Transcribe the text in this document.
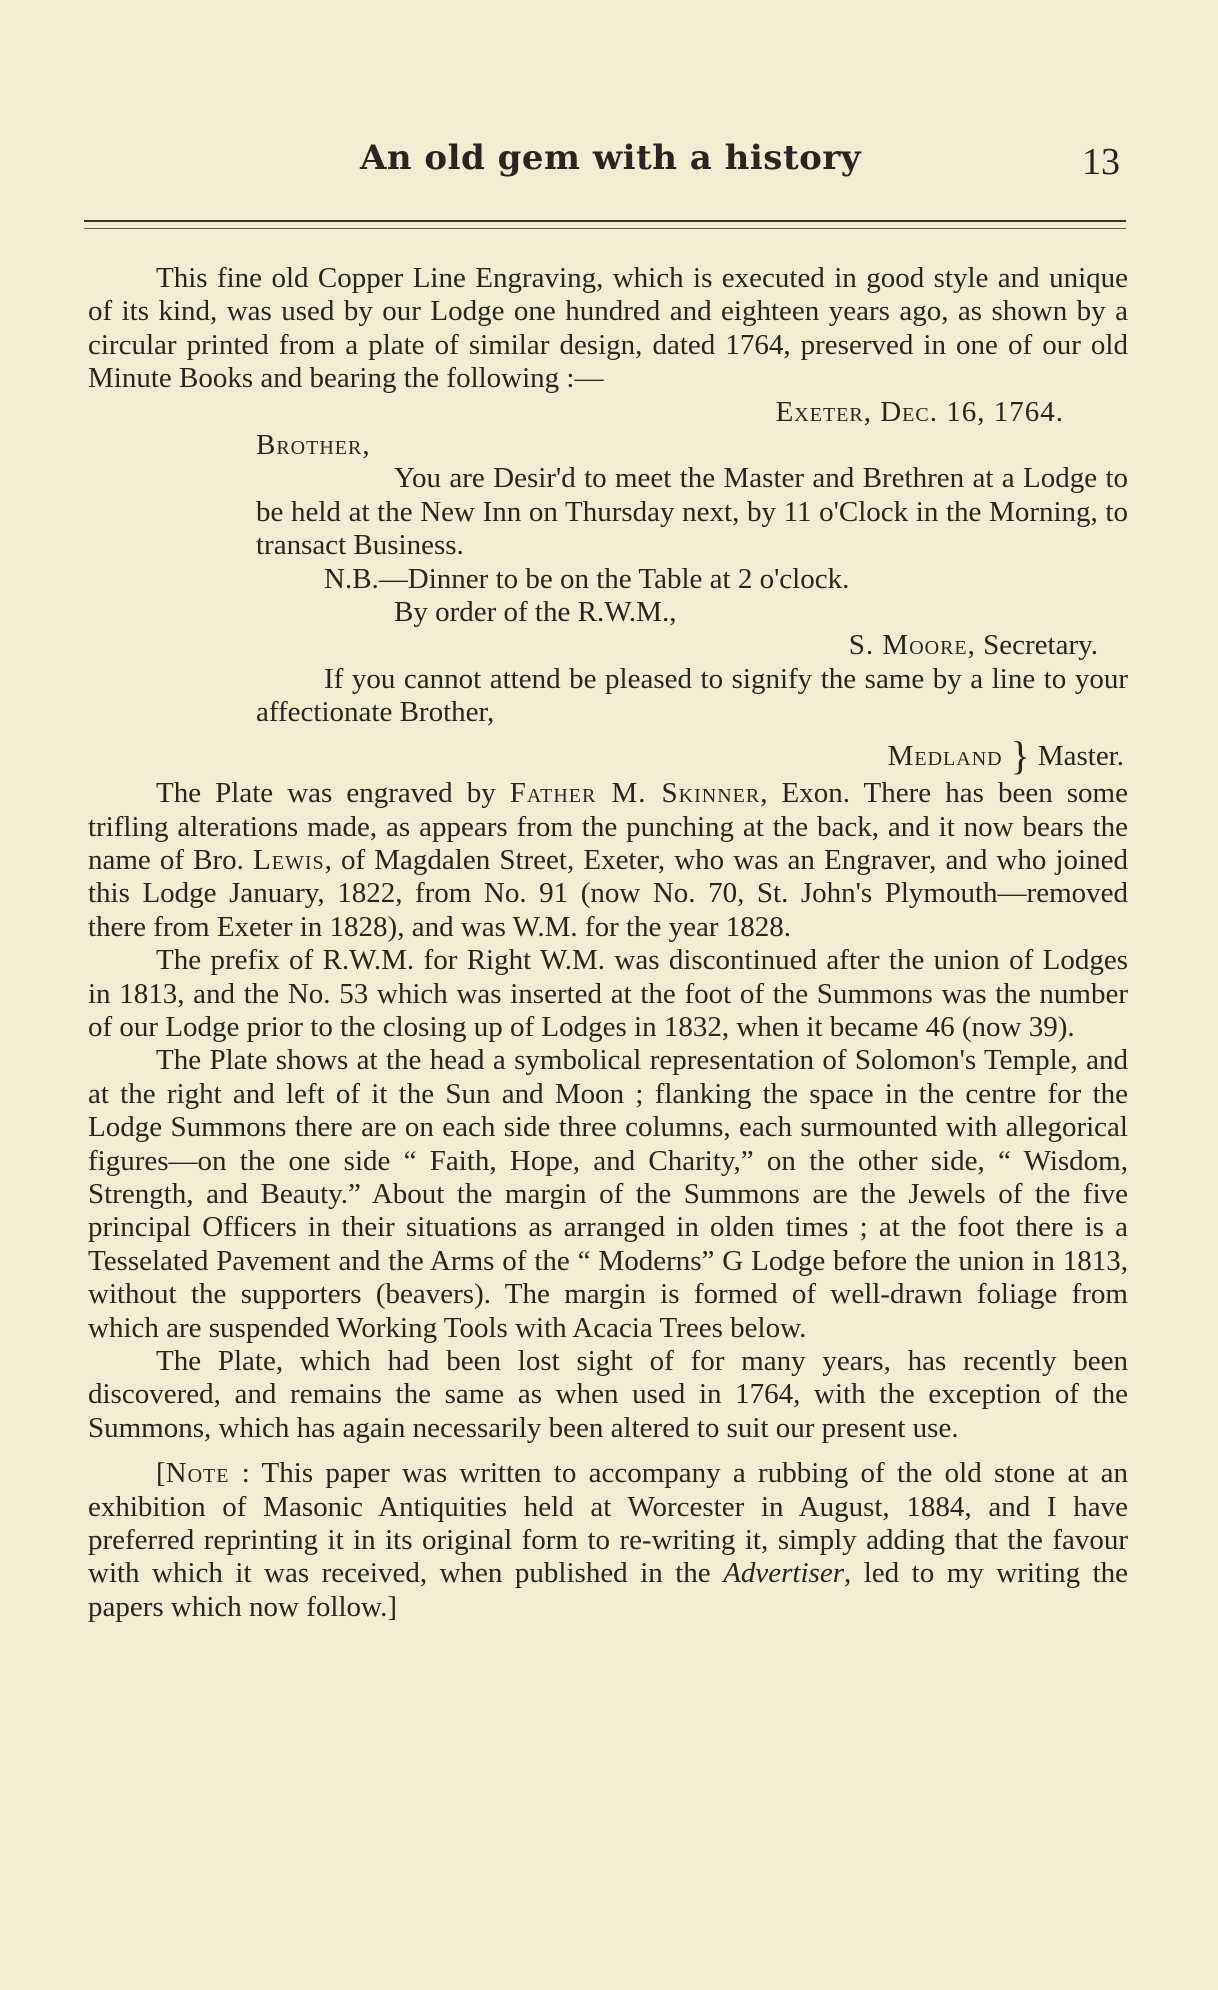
An old gem with a history	13

This fine old Copper Line Engraving, which is executed in good style and unique of its kind, was used by our Lodge one hundred and eighteen years ago, as shown by a circular printed from a plate of similar design, dated 1764, preserved in one of our old Minute Books and bearing the following :—

Exeter, Dec. 16, 1764.

Brother,

You are Desir'd to meet the Master and Brethren at a Lodge to be held at the New Inn on Thursday next, by 11 o'Clock in the Morning, to transact Business.

N.B.—Dinner to be on the Table at 2 o'clock.

By order of the R.W.M.,

S. Moore, Secretary.

If you cannot attend be pleased to signify the same by a line to your affectionate Brother,

Medland } Master.

The Plate was engraved by Father M. Skinner, Exon. There has been some trifling alterations made, as appears from the punching at the back, and it now bears the name of Bro. Lewis, of Magdalen Street, Exeter, who was an Engraver, and who joined this Lodge January, 1822, from No. 91 (now No. 70, St. John's Plymouth—removed there from Exeter in 1828), and was W.M. for the year 1828.

The prefix of R.W.M. for Right W.M. was discontinued after the union of Lodges in 1813, and the No. 53 which was inserted at the foot of the Summons was the number of our Lodge prior to the closing up of Lodges in 1832, when it became 46 (now 39).

The Plate shows at the head a symbolical representation of Solomon's Temple, and at the right and left of it the Sun and Moon ; flanking the space in the centre for the Lodge Summons there are on each side three columns, each surmounted with allegorical figures—on the one side “ Faith, Hope, and Charity,” on the other side, “ Wisdom, Strength, and Beauty.” About the margin of the Summons are the Jewels of the five principal Officers in their situations as arranged in olden times ; at the foot there is a Tesselated Pavement and the Arms of the “ Moderns” G Lodge before the union in 1813, without the supporters (beavers). The margin is formed of well-drawn foliage from which are suspended Working Tools with Acacia Trees below.

The Plate, which had been lost sight of for many years, has recently been discovered, and remains the same as when used in 1764, with the exception of the Summons, which has again necessarily been altered to suit our present use.

[Note : This paper was written to accompany a rubbing of the old stone at an exhibition of Masonic Antiquities held at Worcester in August, 1884, and I have preferred reprinting it in its original form to re-writing it, simply adding that the favour with which it was received, when published in the Advertiser, led to my writing the papers which now follow.]
